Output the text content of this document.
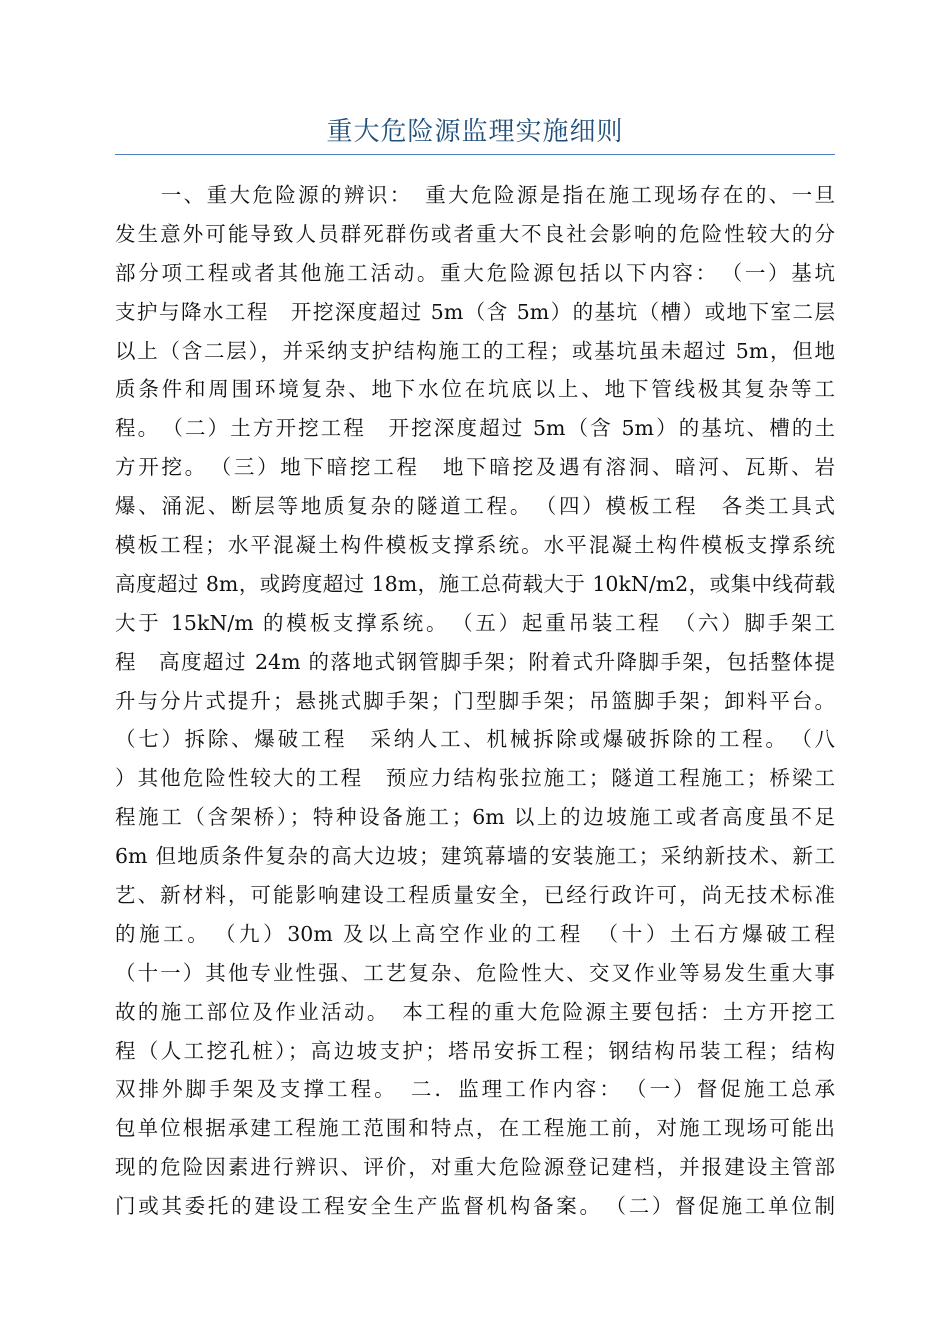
重大危险源监理实施细则
　　一、重大危险源的辨识：　重大危险源是指在施工现场存在的、一旦
发生意外可能导致人员群死群伤或者重大不良社会影响的危险性较大的分
部分项工程或者其他施工活动。重大危险源包括以下内容：　（一）基坑
支护与降水工程　开挖深度超过 5m（含 5m）的基坑（槽）或地下室二层
以上（含二层），并采纳支护结构施工的工程；或基坑虽未超过 5m，但地
质条件和周围环境复杂、地下水位在坑底以上、地下管线极其复杂等工
程。　（二）土方开挖工程　开挖深度超过 5m（含 5m）的基坑、槽的土
方开挖。　（三）地下暗挖工程　地下暗挖及遇有溶洞、暗河、瓦斯、岩
爆、涌泥、断层等地质复杂的隧道工程。　（四）模板工程　各类工具式
模板工程；水平混凝土构件模板支撑系统。水平混凝土构件模板支撑系统
高度超过 8m，或跨度超过 18m，施工总荷载大于 10kN/m2，或集中线荷载
大于 15kN/m 的模板支撑系统。　（五）起重吊装工程　（六）脚手架工
程　高度超过 24m 的落地式钢管脚手架；附着式升降脚手架，包括整体提
升与分片式提升；悬挑式脚手架；门型脚手架；吊篮脚手架；卸料平台。
（七）拆除、爆破工程　采纳人工、机械拆除或爆破拆除的工程。　（八
）其他危险性较大的工程　预应力结构张拉施工；隧道工程施工；桥梁工
程施工（含架桥）；特种设备施工；6m 以上的边坡施工或者高度虽不足
6m 但地质条件复杂的高大边坡；建筑幕墙的安装施工；采纳新技术、新工
艺、新材料，可能影响建设工程质量安全，已经行政许可，尚无技术标准
的施工。　（九）30m 及以上高空作业的工程　（十）土石方爆破工程
（十一）其他专业性强、工艺复杂、危险性大、交叉作业等易发生重大事
故的施工部位及作业活动。　本工程的重大危险源主要包括：土方开挖工
程（人工挖孔桩）；高边坡支护；塔吊安拆工程；钢结构吊装工程；结构
双排外脚手架及支撑工程。　二．监理工作内容：　（一）督促施工总承
包单位根据承建工程施工范围和特点，在工程施工前，对施工现场可能出
现的危险因素进行辨识、评价，对重大危险源登记建档，并报建设主管部
门或其委托的建设工程安全生产监督机构备案。　（二）督促施工单位制
